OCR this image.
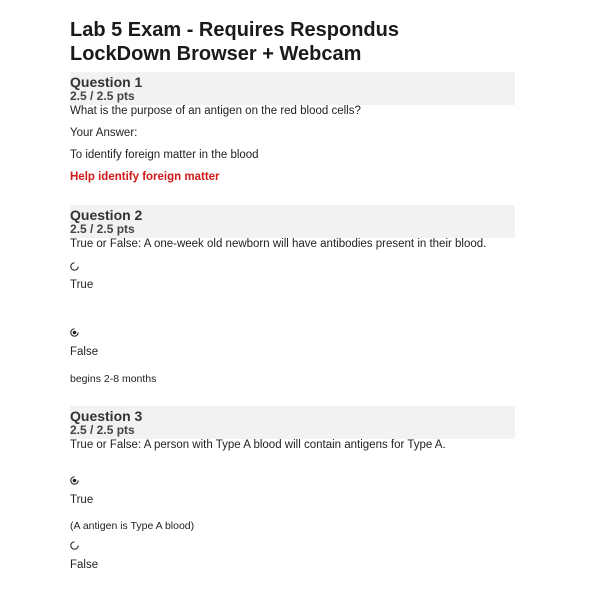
Lab 5 Exam - Requires Respondus LockDown Browser + Webcam
Question 1
2.5 / 2.5 pts
What is the purpose of an antigen on the red blood cells?
Your Answer:
To identify foreign matter in the blood
Help identify foreign matter
Question 2
2.5 / 2.5 pts
True or False: A one-week old newborn will have antibodies present in their blood.
True
False
begins 2-8 months
Question 3
2.5 / 2.5 pts
True or False: A person with Type A blood will contain antigens for Type A.
True
(A antigen is Type A blood)
False
